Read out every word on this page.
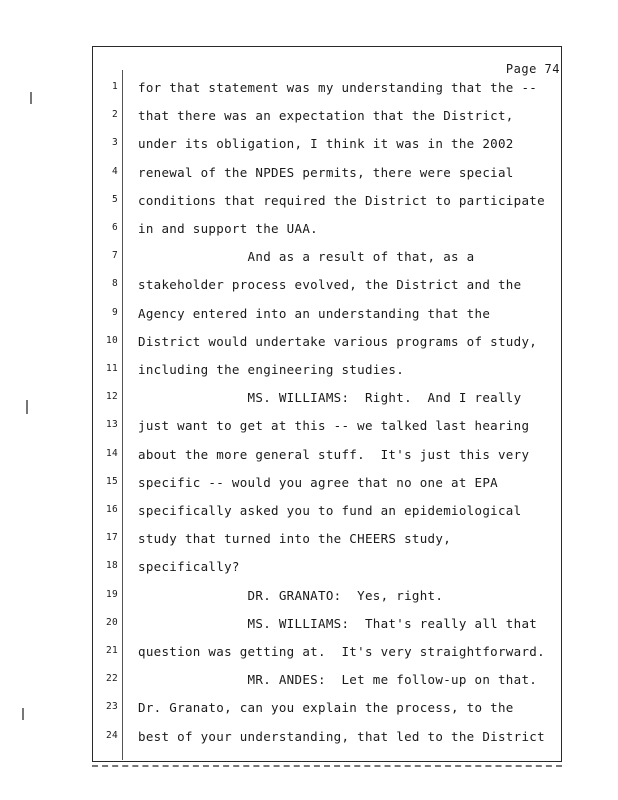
Page 74
1 for that statement was my understanding that the --
2 that there was an expectation that the District,
3 under its obligation, I think it was in the 2002
4 renewal of the NPDES permits, there were special
5 conditions that required the District to participate
6 in and support the UAA.
7 And as a result of that, as a
8 stakeholder process evolved, the District and the
9 Agency entered into an understanding that the
10 District would undertake various programs of study,
11 including the engineering studies.
12 MS. WILLIAMS:  Right.  And I really
13 just want to get at this -- we talked last hearing
14 about the more general stuff.  It's just this very
15 specific -- would you agree that no one at EPA
16 specifically asked you to fund an epidemiological
17 study that turned into the CHEERS study,
18 specifically?
19 DR. GRANATO:  Yes, right.
20 MS. WILLIAMS:  That's really all that
21 question was getting at.  It's very straightforward.
22 MR. ANDES:  Let me follow-up on that.
23 Dr. Granato, can you explain the process, to the
24 best of your understanding, that led to the District
